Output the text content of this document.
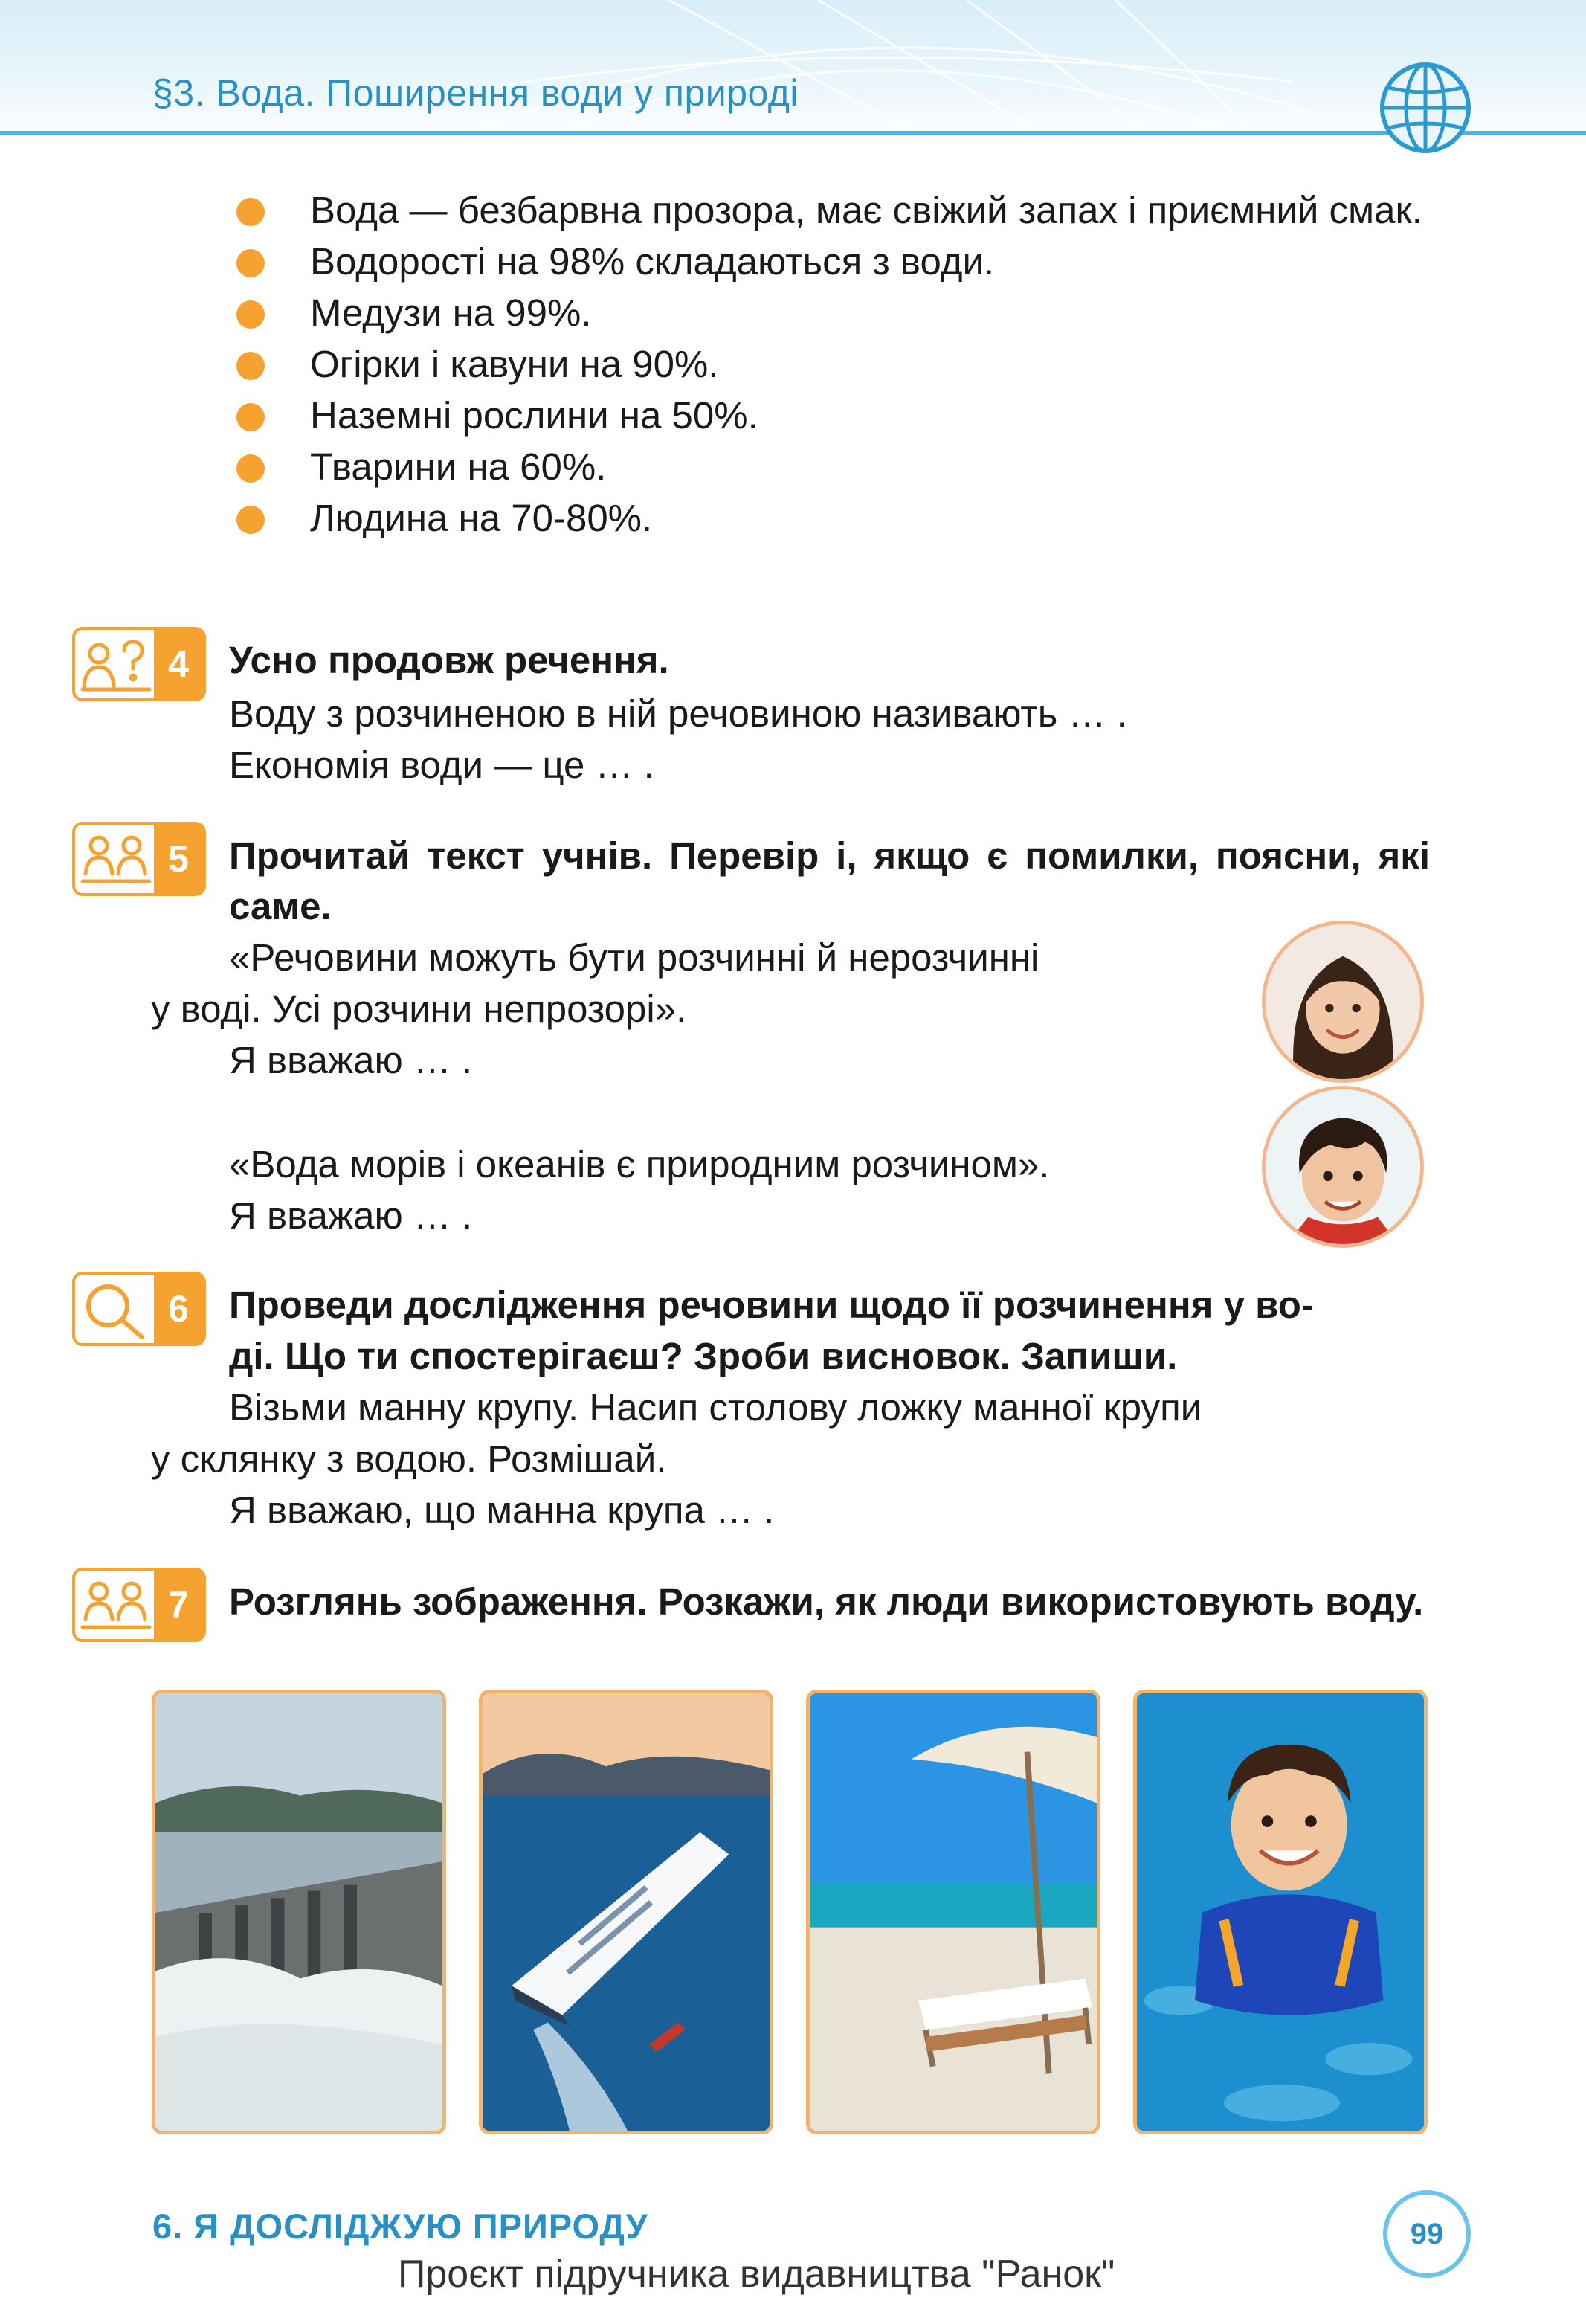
§3. Вода. Поширення води у природі
Вода — безбарвна прозора, має свіжий запах і приємний смак.
Водорості на 98% складаються з води.
Медузи на 99%.
Огірки і кавуни на 90%.
Наземні рослини на 50%.
Тварини на 60%.
Людина на 70-80%.
4	Усно продовж речення.
Воду з розчиненою в ній речовиною називають … .
Економія води — це … .
5	Прочитай текст учнів. Перевір і, якщо є помилки, поясни, які саме.
«Речовини можуть бути розчинні й нерозчинні
у воді. Усі розчини непрозорі».
Я вважаю … .
«Вода морів і океанів є природним розчином».
Я вважаю … .
6	Проведи дослідження речовини щодо її розчинення у во-
ді. Що ти спостерігаєш? Зроби висновок. Запиши.
Візьми манну крупу. Насип столову ложку манної крупи
у склянку з водою. Розмішай.
Я вважаю, що манна крупа … .
7	Розглянь зображення. Розкажи, як люди використовують воду.
6. Я ДОСЛІДЖУЮ ПРИРОДУ	99
Проєкт підручника видавництва "Ранок"
